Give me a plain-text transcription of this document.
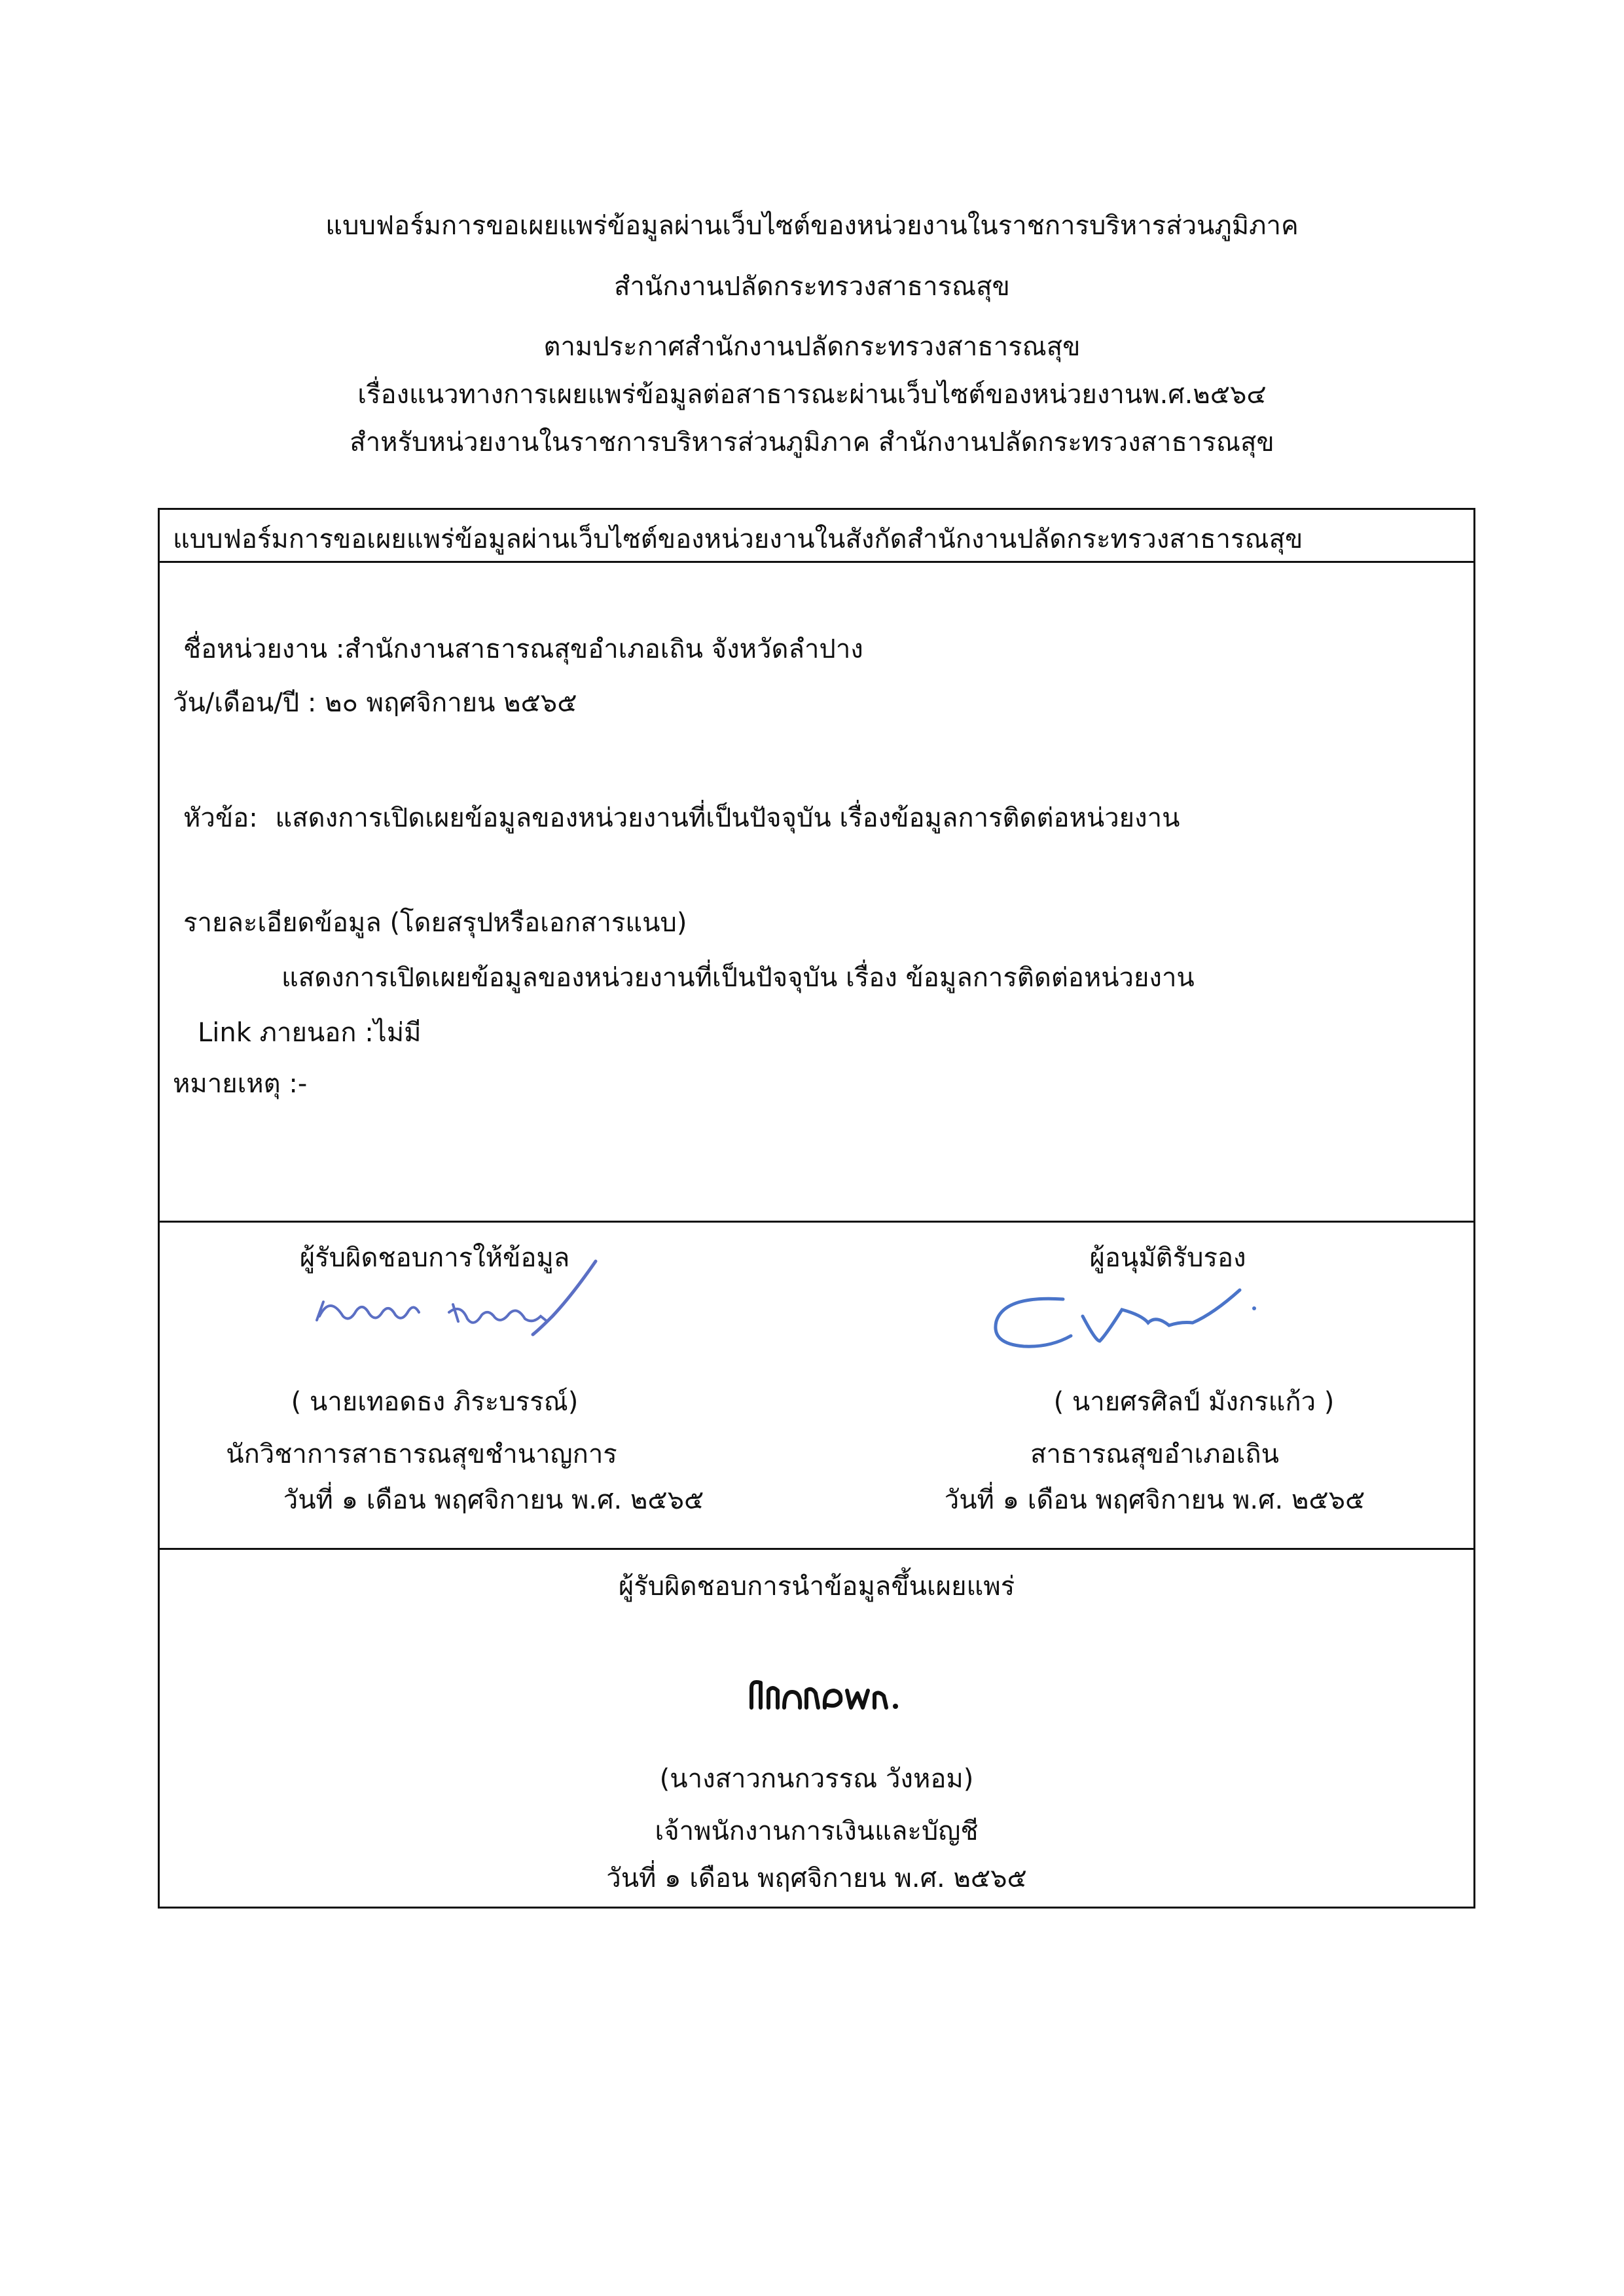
แบบฟอร์มการขอเผยแพร่ข้อมูลผ่านเว็บไซต์ของหน่วยงานในราชการบริหารส่วนภูมิภาค
สำนักงานปลัดกระทรวงสาธารณสุข
ตามประกาศสำนักงานปลัดกระทรวงสาธารณสุข
เรื่องแนวทางการเผยแพร่ข้อมูลต่อสาธารณะผ่านเว็บไซต์ของหน่วยงานพ.ศ.๒๕๖๔
สำหรับหน่วยงานในราชการบริหารส่วนภูมิภาค สำนักงานปลัดกระทรวงสาธารณสุข
แบบฟอร์มการขอเผยแพร่ข้อมูลผ่านเว็บไซต์ของหน่วยงานในสังกัดสำนักงานปลัดกระทรวงสาธารณสุข
ชื่อหน่วยงาน :สำนักงานสาธารณสุขอำเภอเถิน จังหวัดลำปาง
วัน/เดือน/ปี : ๒๐ พฤศจิกายน ๒๕๖๕
หัวข้อ: แสดงการเปิดเผยข้อมูลของหน่วยงานที่เป็นปัจจุบัน เรื่องข้อมูลการติดต่อหน่วยงาน
รายละเอียดข้อมูล (โดยสรุปหรือเอกสารแนบ)
แสดงการเปิดเผยข้อมูลของหน่วยงานที่เป็นปัจจุบัน เรื่อง ข้อมูลการติดต่อหน่วยงาน
Link ภายนอก :ไม่มี
หมายเหตุ :-
ผู้รับผิดชอบการให้ข้อมูล
( นายเทอดธง ภิระบรรณ์)
นักวิชาการสาธารณสุขชำนาญการ
วันที่ ๑ เดือน พฤศจิกายน พ.ศ. ๒๕๖๕
ผู้อนุมัติรับรอง
( นายศรศิลป์ มังกรแก้ว )
สาธารณสุขอำเภอเถิน
วันที่ ๑ เดือน พฤศจิกายน พ.ศ. ๒๕๖๕
ผู้รับผิดชอบการนำข้อมูลขึ้นเผยแพร่
(นางสาวกนกวรรณ วังหอม)
เจ้าพนักงานการเงินและบัญชี
วันที่ ๑ เดือน พฤศจิกายน พ.ศ. ๒๕๖๕
